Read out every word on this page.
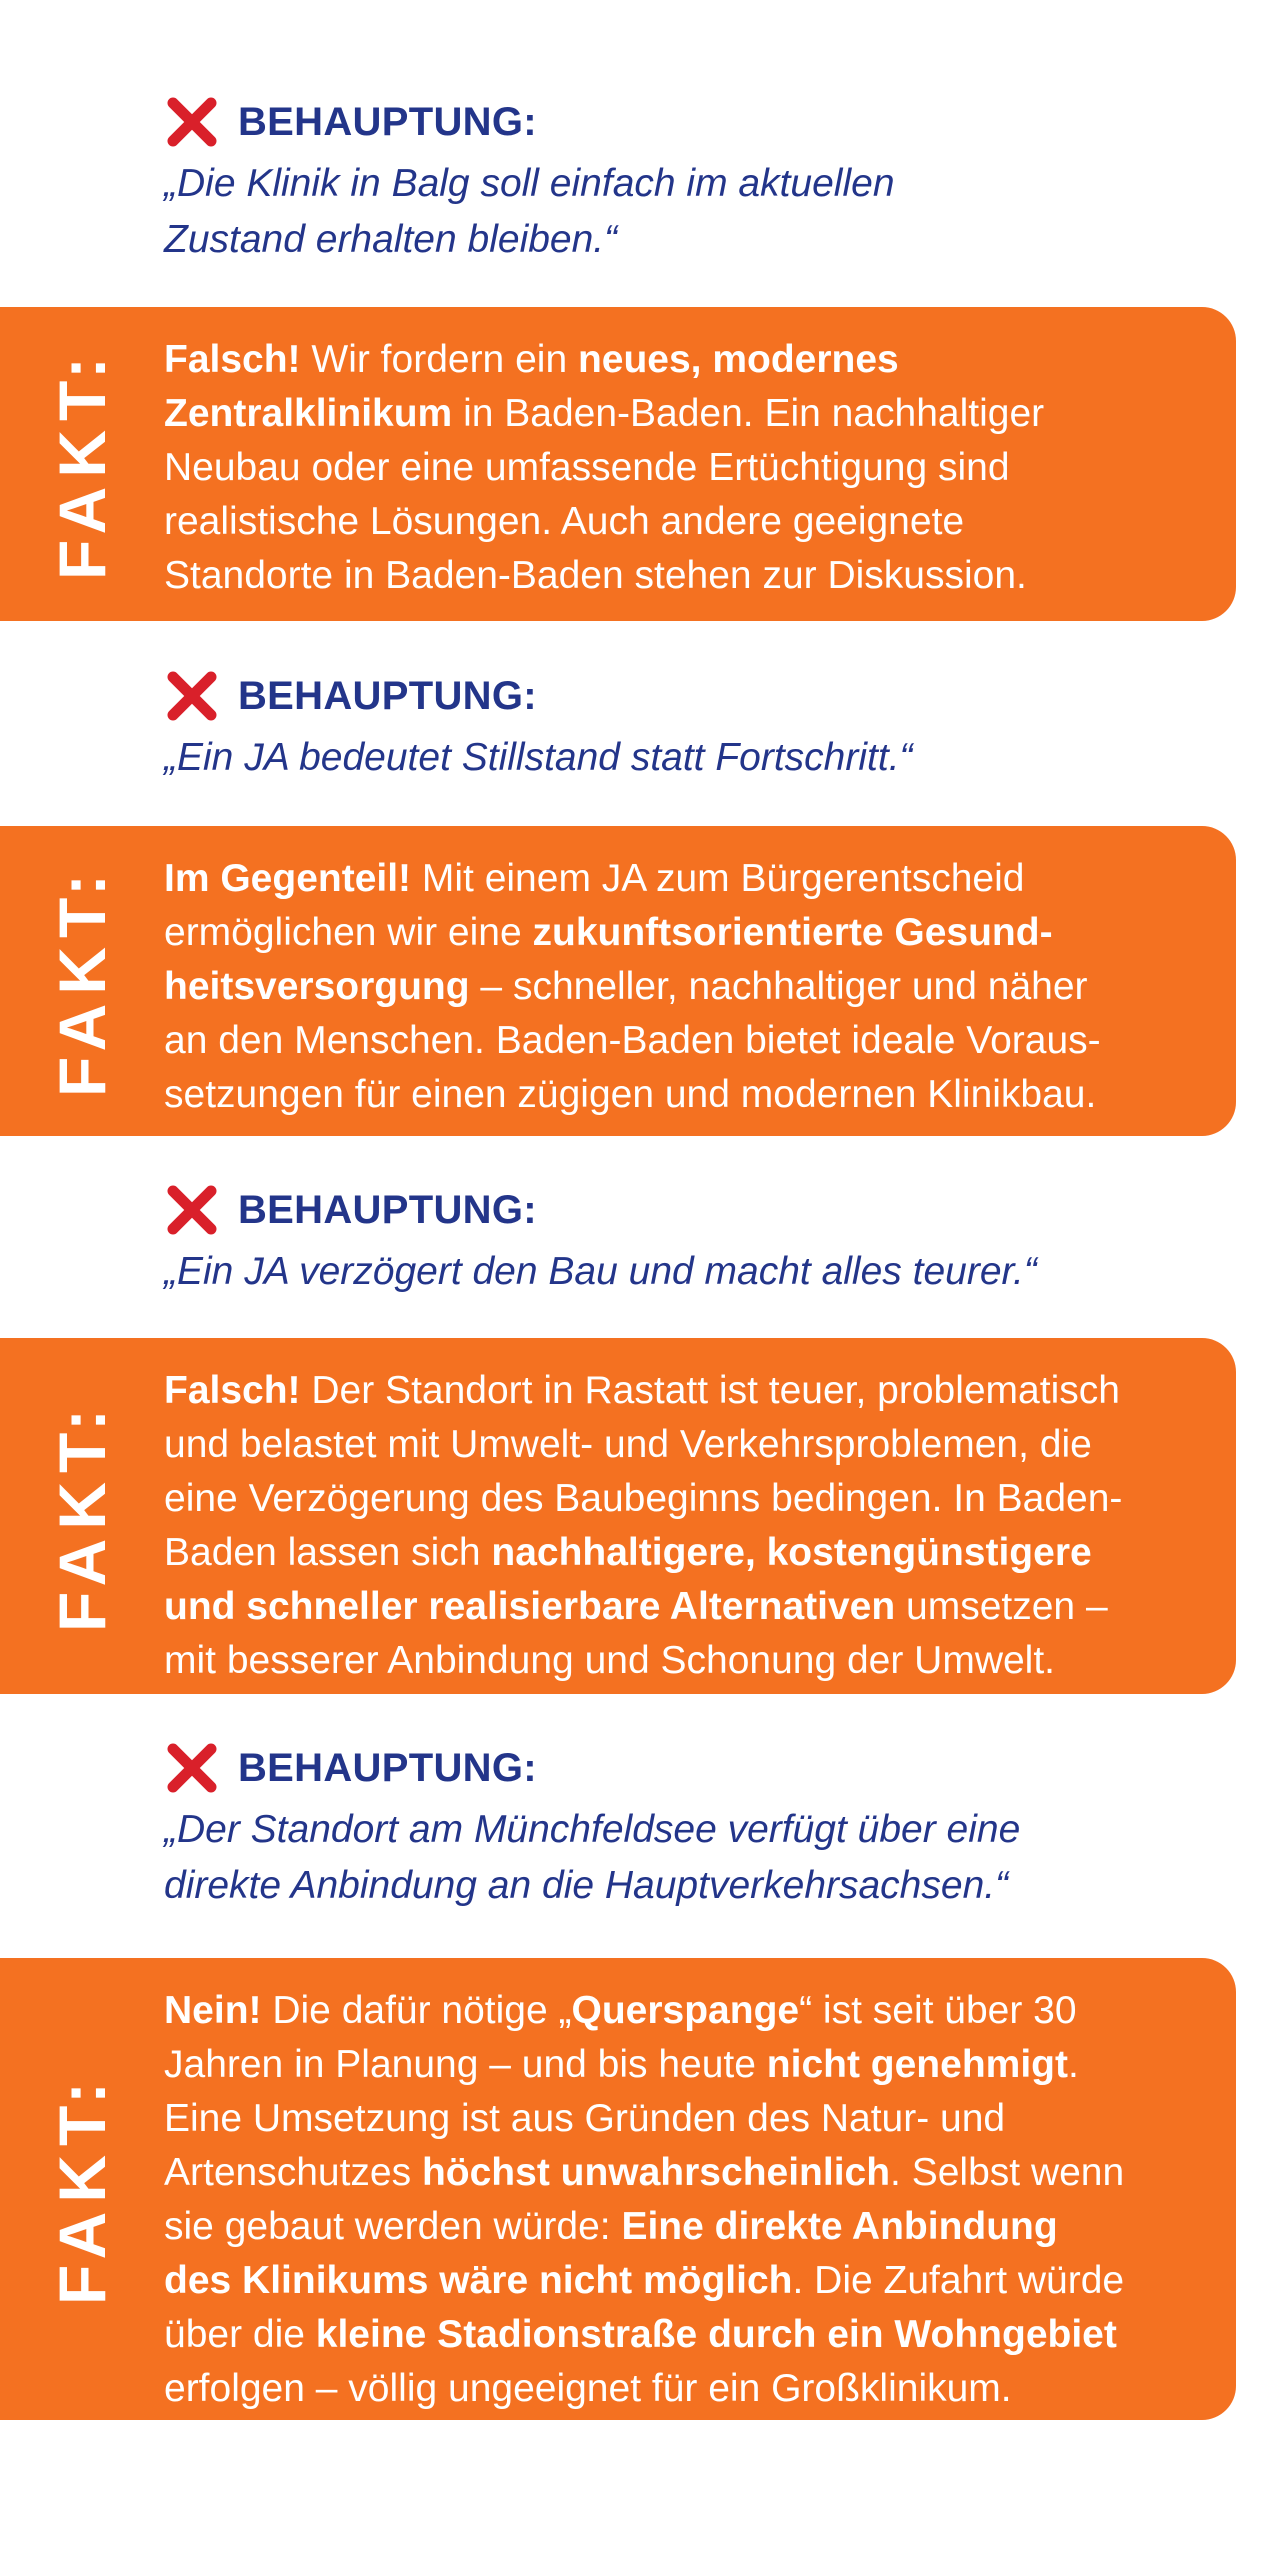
BEHAUPTUNG:
„Die Klinik in Balg soll einfach im aktuellen
Zustand erhalten bleiben.“
FAKT: Falsch! Wir fordern ein neues, modernes

Zentralklinikum in Baden-Baden. Ein nachhaltiger

Neubau oder eine umfassende Ertüchtigung sind

realistische Lösungen. Auch andere geeignete

Standorte in Baden-Baden stehen zur Diskussion.

BEHAUPTUNG:
„Ein JA bedeutet Stillstand statt Fortschritt.“
FAKT: Im Gegenteil! Mit einem JA zum Bürgerentscheid

ermöglichen wir eine zukunftsorientierte Gesund-

heitsversorgung – schneller, nachhaltiger und näher

an den Menschen. Baden-Baden bietet ideale Voraus-

setzungen für einen zügigen und modernen Klinikbau.

BEHAUPTUNG:
„Ein JA verzögert den Bau und macht alles teurer.“
FAKT:

Falsch! Der Standort in Rastatt ist teuer, problematisch

und belastet mit Umwelt- und Verkehrsproblemen, die

eine Verzögerung des Baubeginns bedingen. In Baden-

Baden lassen sich nachhaltigere, kostengünstigere

und schneller realisierbare Alternativen umsetzen –

mit besserer Anbindung und Schonung der Umwelt.

BEHAUPTUNG:
„Der Standort am Münchfeldsee verfügt über eine
direkte Anbindung an die Hauptverkehrsachsen.“
FAKT:

Nein! Die dafür nötige „Querspange“ ist seit über 30

Jahren in Planung – und bis heute nicht genehmigt.

Eine Umsetzung ist aus Gründen des Natur- und

Artenschutzes höchst unwahrscheinlich. Selbst wenn

sie gebaut werden würde: Eine direkte Anbindung

des Klinikums wäre nicht möglich. Die Zufahrt würde

über die kleine Stadionstraße durch ein Wohngebiet

erfolgen – völlig ungeeignet für ein Großklinikum.
